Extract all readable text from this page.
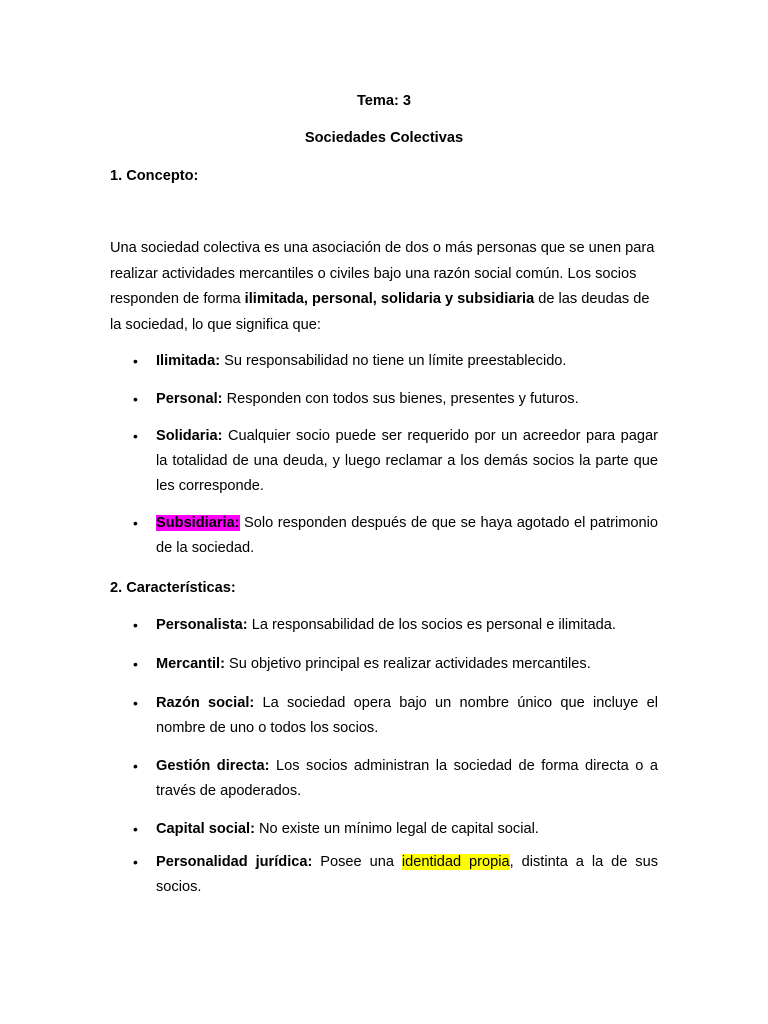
Tema: 3
Sociedades Colectivas
1. Concepto:
Una sociedad colectiva es una asociación de dos o más personas que se unen para realizar actividades mercantiles o civiles bajo una razón social común. Los socios responden de forma ilimitada, personal, solidaria y subsidiaria de las deudas de la sociedad, lo que significa que:
• Ilimitada: Su responsabilidad no tiene un límite preestablecido.
• Personal: Responden con todos sus bienes, presentes y futuros.
• Solidaria: Cualquier socio puede ser requerido por un acreedor para pagar la totalidad de una deuda, y luego reclamar a los demás socios la parte que les corresponde.
• Subsidiaria: Solo responden después de que se haya agotado el patrimonio de la sociedad.
2. Características:
• Personalista: La responsabilidad de los socios es personal e ilimitada.
• Mercantil: Su objetivo principal es realizar actividades mercantiles.
• Razón social: La sociedad opera bajo un nombre único que incluye el nombre de uno o todos los socios.
• Gestión directa: Los socios administran la sociedad de forma directa o a través de apoderados.
• Capital social: No existe un mínimo legal de capital social.
• Personalidad jurídica: Posee una identidad propia, distinta a la de sus socios.
